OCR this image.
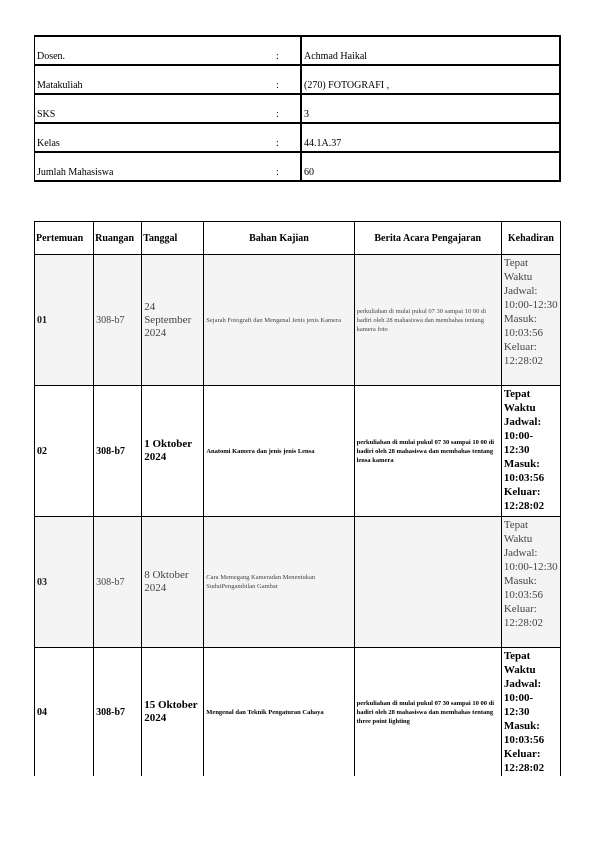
Dosen.	:	Achmad Haikal
Matakuliah	:	(270) FOTOGRAFI ,
SKS	:	3
Kelas	:	44.1A.37
Jumlah Mahasiswa	:	60
Pertemuan	Ruangan	Tanggal	Bahan Kajian	Berita Acara Pengajaran	Kehadiran
01	308-b7	24 September 2024	Sejarah Fotografi dan Mengenal Jenis jenis Kamera	perkuliahan di mulai pukul 07 30 sampai 10 00 di hadiri oleh 28 mahasiswa dan membahas tentang kamera foto	Tepat Waktu
Jadwal: 10:00-12:30
Masuk: 10:03:56
Keluar: 12:28:02

02	308-b7	1 Oktober 2024	Anatomi Kamera dan jenis jenis Lensa	perkuliahan di mulai pukul 07 30 sampai 10 00 di hadiri oleh 28 mahasiswa dan membahas tentang lensa kamera	Tepat Waktu
Jadwal: 10:00-12:30
Masuk: 10:03:56
Keluar: 12:28:02

03	308-b7	8 Oktober 2024	Cara Memegang Kameradan Menentukan SudutPengambilan Gambar		Tepat Waktu
Jadwal: 10:00-12:30
Masuk: 10:03:56
Keluar: 12:28:02

04	308-b7	15 Oktober 2024	Mengenal dan Teknik Pengaturan Cahaya	perkuliahan di mulai pukul 07 30 sampai 10 00 di hadiri oleh 28 mahasiswa dan membahas tentang three point lighting	Tepat Waktu
Jadwal: 10:00-12:30
Masuk: 10:03:56
Keluar: 12:28:02
